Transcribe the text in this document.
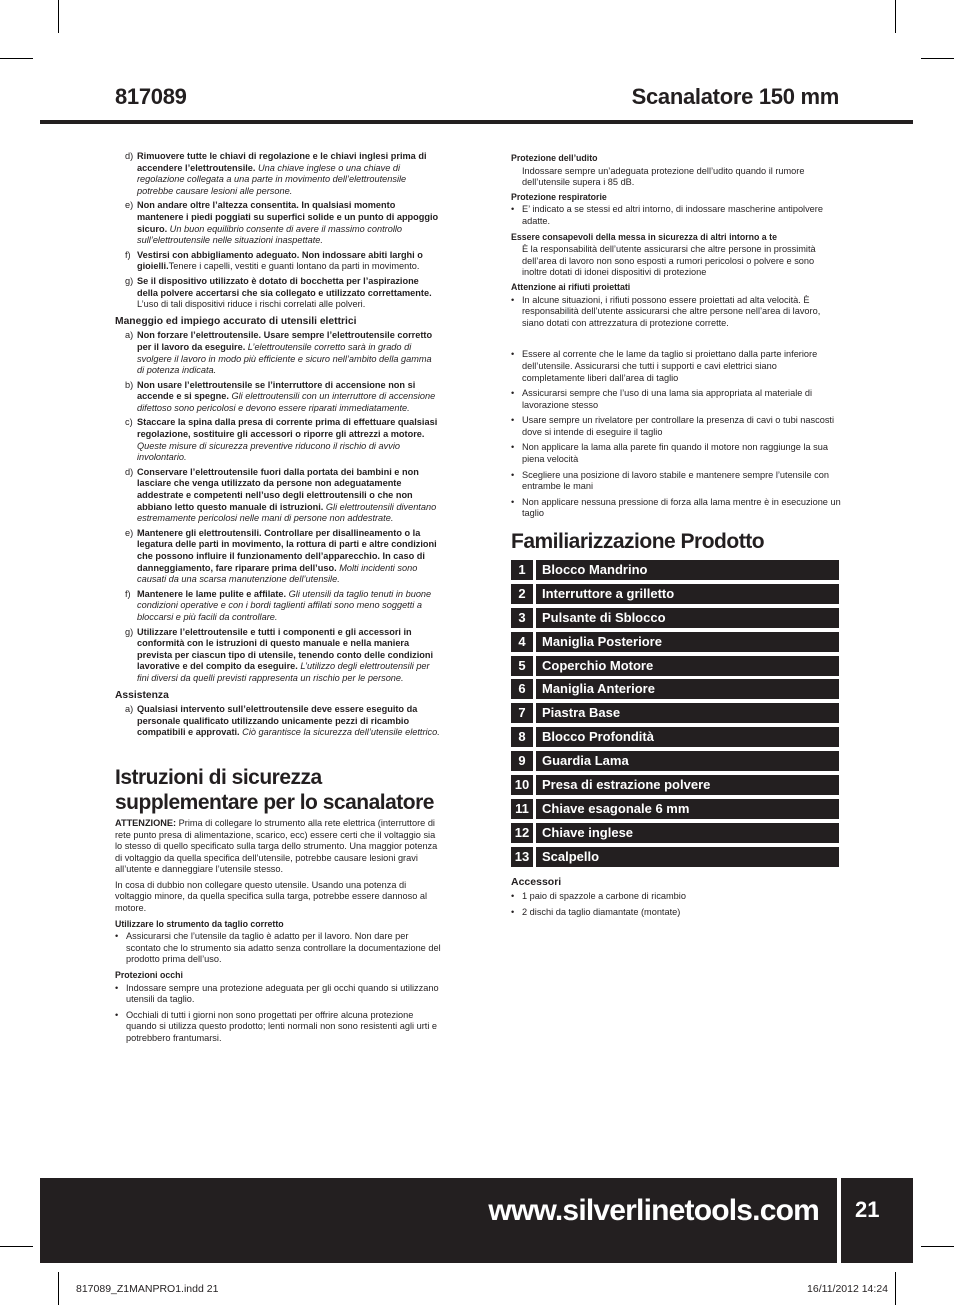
817089	Scanalatore 150 mm
d) Rimuovere tutte le chiavi di regolazione e le chiavi inglesi prima di accendere l’elettroutensile. Una chiave inglese o una chiave di regolazione collegata a una parte in movimento dell’elettroutensile potrebbe causare lesioni alle persone.
e) Non andare oltre l’altezza consentita. In qualsiasi momento mantenere i piedi poggiati su superfici solide e un punto di appoggio sicuro. Un buon equilibrio consente di avere il massimo controllo sull’elettroutensile nelle situazioni inaspettate.
f) Vestirsi con abbigliamento adeguato. Non indossare abiti larghi o gioielli.Tenere i capelli, vestiti e guanti lontano da parti in movimento.
g) Se il dispositivo utilizzato è dotato di bocchetta per l’aspirazione della polvere accertarsi che sia collegato e utilizzato correttamente. L’uso di tali dispositivi riduce i rischi correlati alle polveri.
Maneggio ed impiego accurato di utensili elettrici
a) Non forzare l’elettroutensile. Usare sempre l’elettroutensile corretto per il lavoro da eseguire. L’elettroutensile corretto sarà in grado di svolgere il lavoro in modo più efficiente e sicuro nell’ambito della gamma di potenza indicata.
b) Non usare l’elettroutensile se l’interruttore di accensione non si accende e si spegne. Gli elettroutensili con un interruttore di accensione difettoso sono pericolosi e devono essere riparati immediatamente.
c) Staccare la spina dalla presa di corrente prima di effettuare qualsiasi regolazione, sostituire gli accessori o riporre gli attrezzi a motore. Queste misure di sicurezza preventive riducono il rischio di avvio involontario.
d) Conservare l’elettroutensile fuori dalla portata dei bambini e non lasciare che venga utilizzato da persone non adeguatamente addestrate e competenti nell’uso degli elettroutensili o che non abbiano letto questo manuale di istruzioni. Gli elettroutensili diventano estremamente pericolosi nelle mani di persone non addestrate.
e) Mantenere gli elettroutensili. Controllare per disallineamento o la legatura delle parti in movimento, la rottura di parti e altre condizioni che possono influire il funzionamento dell’apparecchio. In caso di danneggiamento, fare riparare prima dell’uso. Molti incidenti sono causati da una scarsa manutenzione dell’utensile.
f) Mantenere le lame pulite e affilate. Gli utensili da taglio tenuti in buone condizioni operative e con i bordi taglienti affilati sono meno soggetti a bloccarsi e più facili da controllare.
g) Utilizzare l’elettroutensile e tutti i componenti e gli accessori in conformità con le istruzioni di questo manuale e nella maniera prevista per ciascun tipo di utensile, tenendo conto delle condizioni lavorative e del compito da eseguire. L’utilizzo degli elettroutensili per fini diversi da quelli previsti rappresenta un rischio per le persone.
Assistenza
a) Qualsiasi intervento sull’elettroutensile deve essere eseguito da personale qualificato utilizzando unicamente pezzi di ricambio compatibili e approvati. Ciò garantisce la sicurezza dell’utensile elettrico.
Istruzioni di sicurezza supplementare per lo scanalatore
ATTENZIONE: Prima di collegare lo strumento alla rete elettrica (interruttore di rete punto presa di alimentazione, scarico, ecc) essere certi che il voltaggio sia lo stesso di quello specificato sulla targa dello strumento. Una maggior potenza di voltaggio da quella specifica dell’utensile, potrebbe causare lesioni gravi all’utente e danneggiare l’utensile stesso.
In cosa di dubbio non collegare questo utensile. Usando una potenza di voltaggio minore, da quella specifica sulla targa, potrebbe essere dannoso al motore.
Utilizzare lo strumento da taglio corretto
• Assicurarsi che l’utensile da taglio è adatto per il lavoro. Non dare per scontato che lo strumento sia adatto senza controllare la documentazione del prodotto prima dell’uso.
Protezioni occhi
• Indossare sempre una protezione adeguata per gli occhi quando si utilizzano utensili da taglio.
• Occhiali di tutti i giorni non sono progettati per offrire alcuna protezione quando si utilizza questo prodotto; lenti normali non sono resistenti agli urti e potrebbero frantumarsi.
Protezione dell’udito
Indossare sempre un’adeguata protezione dell’udito quando il rumore dell’utensile supera i 85 dB.
Protezione respiratorie
• E’ indicato a se stessi ed altri intorno, di indossare mascherine antipolvere adatte.
Essere consapevoli della messa in sicurezza di altri intorno a te
È la responsabilità dell’utente assicurarsi che altre persone in prossimità dell’area di lavoro non sono esposti a rumori pericolosi o polvere e sono inoltre dotati di idonei dispositivi di protezione
Attenzione ai rifiuti proiettati
• In alcune situazioni, i rifiuti possono essere proiettati ad alta velocità. È responsabilità dell’utente assicurarsi che altre persone nell’area di lavoro, siano dotati con attrezzatura di protezione corrette.
• Essere al corrente che le lame da taglio si proiettano dalla parte inferiore dell’utensile. Assicurarsi che tutti i supporti e cavi elettrici siano completamente liberi dall’area di taglio
• Assicurarsi sempre che l’uso di una lama sia appropriata al materiale di lavorazione stesso
• Usare sempre un rivelatore per controllare la presenza di cavi o tubi nascosti dove si intende di eseguire il taglio
• Non applicare la lama alla parete fin quando il motore non raggiunge la sua piena velocità
• Scegliere una posizione di lavoro stabile e mantenere sempre l’utensile con entrambe le mani
• Non applicare nessuna pressione di forza alla lama mentre è in esecuzione un taglio
Familiarizzazione Prodotto
1	Blocco Mandrino
2	Interruttore a grilletto
3	Pulsante di Sblocco
4	Maniglia Posteriore
5	Coperchio Motore
6	Maniglia Anteriore
7	Piastra Base
8	Blocco Profondità
9	Guardia Lama
10 Presa di estrazione polvere
11	Chiave esagonale 6 mm
12 Chiave inglese
13 Scalpello
Accessori
• 1 paio di spazzole a carbone di ricambio
• 2 dischi da taglio diamantate (montate)
www.silverlinetools.com 21
817089_Z1MANPRO1.indd 21	16/11/2012 14:24
